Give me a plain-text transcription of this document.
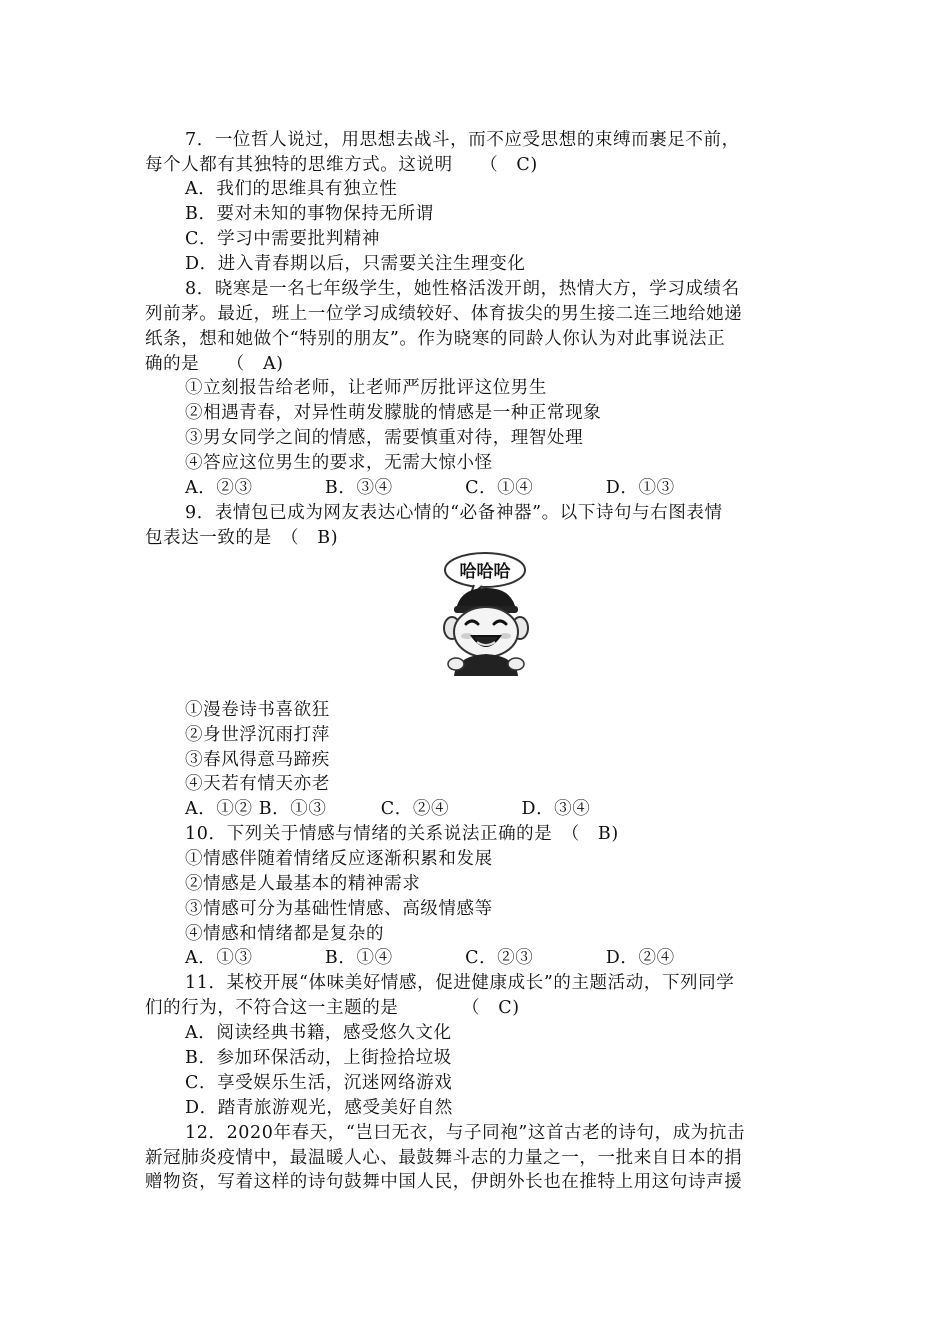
7．一位哲人说过，用思想去战斗，而不应受思想的束缚而裹足不前，
每个人都有其独特的思维方式。这说明　　（　C)
A．我们的思维具有独立性
B．要对未知的事物保持无所谓
C．学习中需要批判精神
D．进入青春期以后，只需要关注生理变化
8．晓寒是一名七年级学生，她性格活泼开朗，热情大方，学习成绩名
列前茅。最近，班上一位学习成绩较好、体育拔尖的男生接二连三地给她递
纸条，想和她做个“特别的朋友”。作为晓寒的同龄人你认为对此事说法正
确的是　　（　A)
①立刻报告给老师，让老师严厉批评这位男生
②相遇青春，对异性萌发朦胧的情感是一种正常现象
③男女同学之间的情感，需要慎重对待，理智处理
④答应这位男生的要求，无需大惊小怪
A．②③　　　　B．③④　　　　C．①④　　　　D．①③
9．表情包已成为网友表达心情的“必备神器”。以下诗句与右图表情
包表达一致的是　（　B)
哈哈哈
①漫卷诗书喜欲狂
②身世浮沉雨打萍
③春风得意马蹄疾
④天若有情天亦老
A．①② B．①③　　　C．②④　　　　D．③④
10．下列关于情感与情绪的关系说法正确的是　（　B)
①情感伴随着情绪反应逐渐积累和发展
②情感是人最基本的精神需求
③情感可分为基础性情感、高级情感等
④情感和情绪都是复杂的
A．①③　　　　B．①④　　　　C．②③　　　　D．②④
11．某校开展“体味美好情感，促进健康成长”的主题活动，下列同学
们的行为，不符合这一主题的是　　　　（　C)
A．阅读经典书籍，感受悠久文化
B．参加环保活动，上街捡拾垃圾
C．享受娱乐生活，沉迷网络游戏
D．踏青旅游观光，感受美好自然
12．2020年春天，“岂曰无衣，与子同袍”这首古老的诗句，成为抗击
新冠肺炎疫情中，最温暖人心、最鼓舞斗志的力量之一，一批来自日本的捐
赠物资，写着这样的诗句鼓舞中国人民，伊朗外长也在推特上用这句诗声援
